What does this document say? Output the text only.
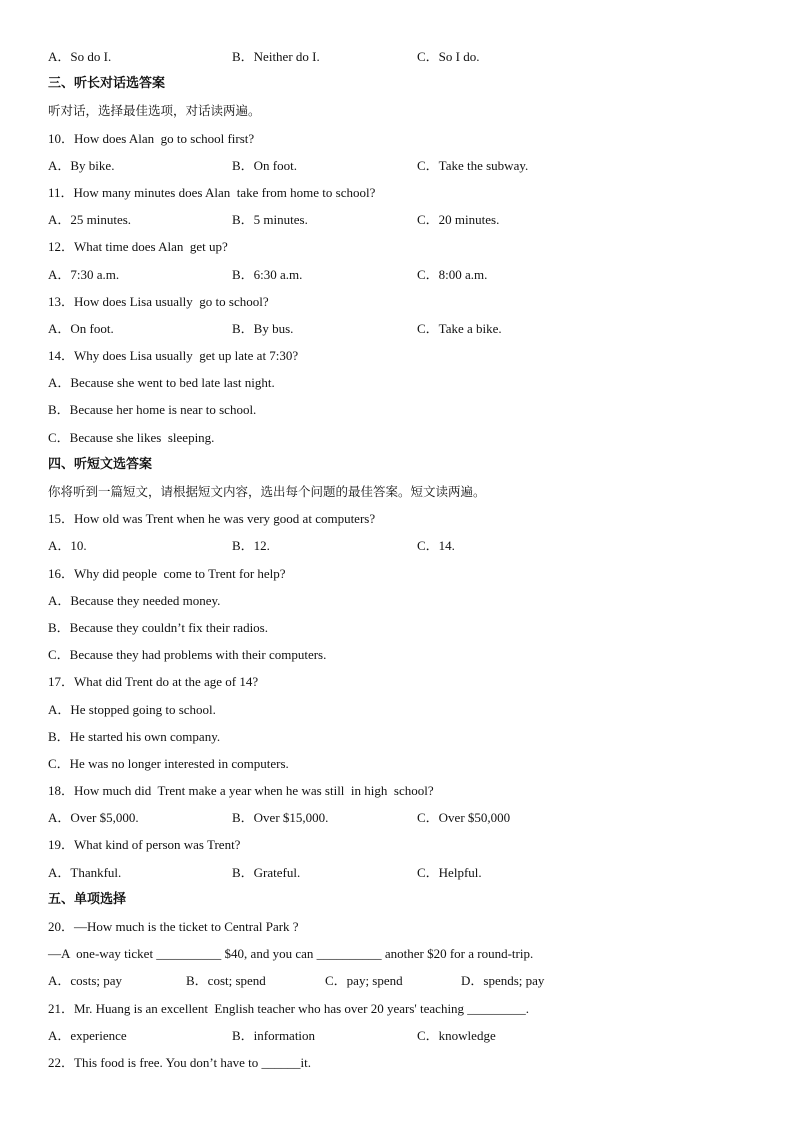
A．So do I.

	B．Neither do I.

	C．So I do.

三、听长对话选答案
听对话，选择最佳选项，对话读两遍。
10．How does Alan  go to school first?

A．By bike.

	B．On foot.

	C．Take the subway.

11．How many minutes does Alan  take from home to school?

A．25 minutes.

	B．5 minutes.

	C．20 minutes.

12．What time does Alan  get up?

A．7:30 a.m.

	B．6:30 a.m.

	C．8:00 a.m.

13．How does Lisa usually  go to school?

A．On foot.

	B．By bus.

	C．Take a bike.

14．Why does Lisa usually  get up late at 7:30?
A．Because she went to bed late last night.
B．Because her home is near to school.
C．Because she likes  sleeping.
四、听短文选答案
你将听到一篇短文，请根据短文内容，选出每个问题的最佳答案。短文读两遍。
15．How old was Trent when he was very good at computers?

A．10.

	B．12.

	C．14.

16．Why did people  come to Trent for help?
A．Because they needed money.
B．Because they couldn’t fix their radios.
C．Because they had problems with their computers.
17．What did Trent do at the age of 14?
A．He stopped going to school.
B．He started his own company.
C．He was no longer interested in computers.
18．How much did  Trent make a year when he was still  in high  school?

A．Over $5,000.

	B．Over $15,000.

	C．Over $50,000

19．What kind of person was Trent?

A．Thankful.

	B．Grateful.

	C．Helpful.

五、单项选择
20．—How much is the ticket to Central Park ?
—A  one-way ticket __________ $40, and you can __________ another $20 for a round-trip.

A．costs; pay

	B．cost; spend

	C．pay; spend

	D．spends; pay

21．Mr. Huang is an excellent  English teacher who has over 20 years' teaching _________.

A．experience

	B．information

	C．knowledge

22．This food is free. You don’t have to ______it.
